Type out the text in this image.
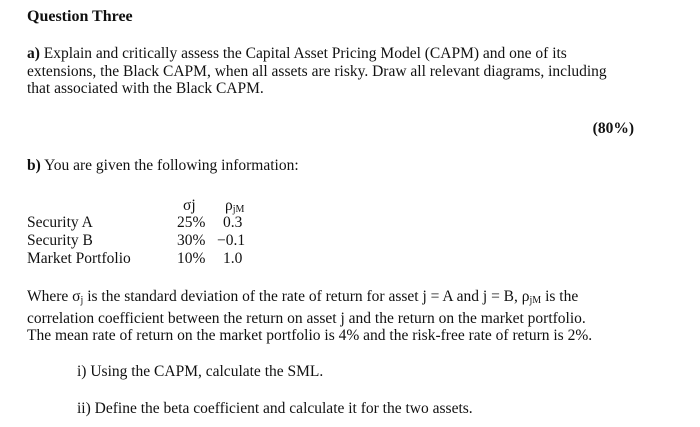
Question Three
a) Explain and critically assess the Capital Asset Pricing Model (CAPM) and one of its
extensions, the Black CAPM, when all assets are risky. Draw all relevant diagrams, including
that associated with the Black CAPM.
(80%)
b) You are given the following information:
σj $\rho_{jM}$
Security A	25% 0.3
Security B	30% −0.1
Market Portfolio	10% 1.0
Where $\sigma_j$ is the standard deviation of the rate of return for asset j = A and j = B, $\rho_{jM}$ is the
correlation coefficient between the return on asset j and the return on the market portfolio.
The mean rate of return on the market portfolio is 4% and the risk-free rate of return is 2%.
i) Using the CAPM, calculate the SML.
ii) Define the beta coefficient and calculate it for the two assets.
